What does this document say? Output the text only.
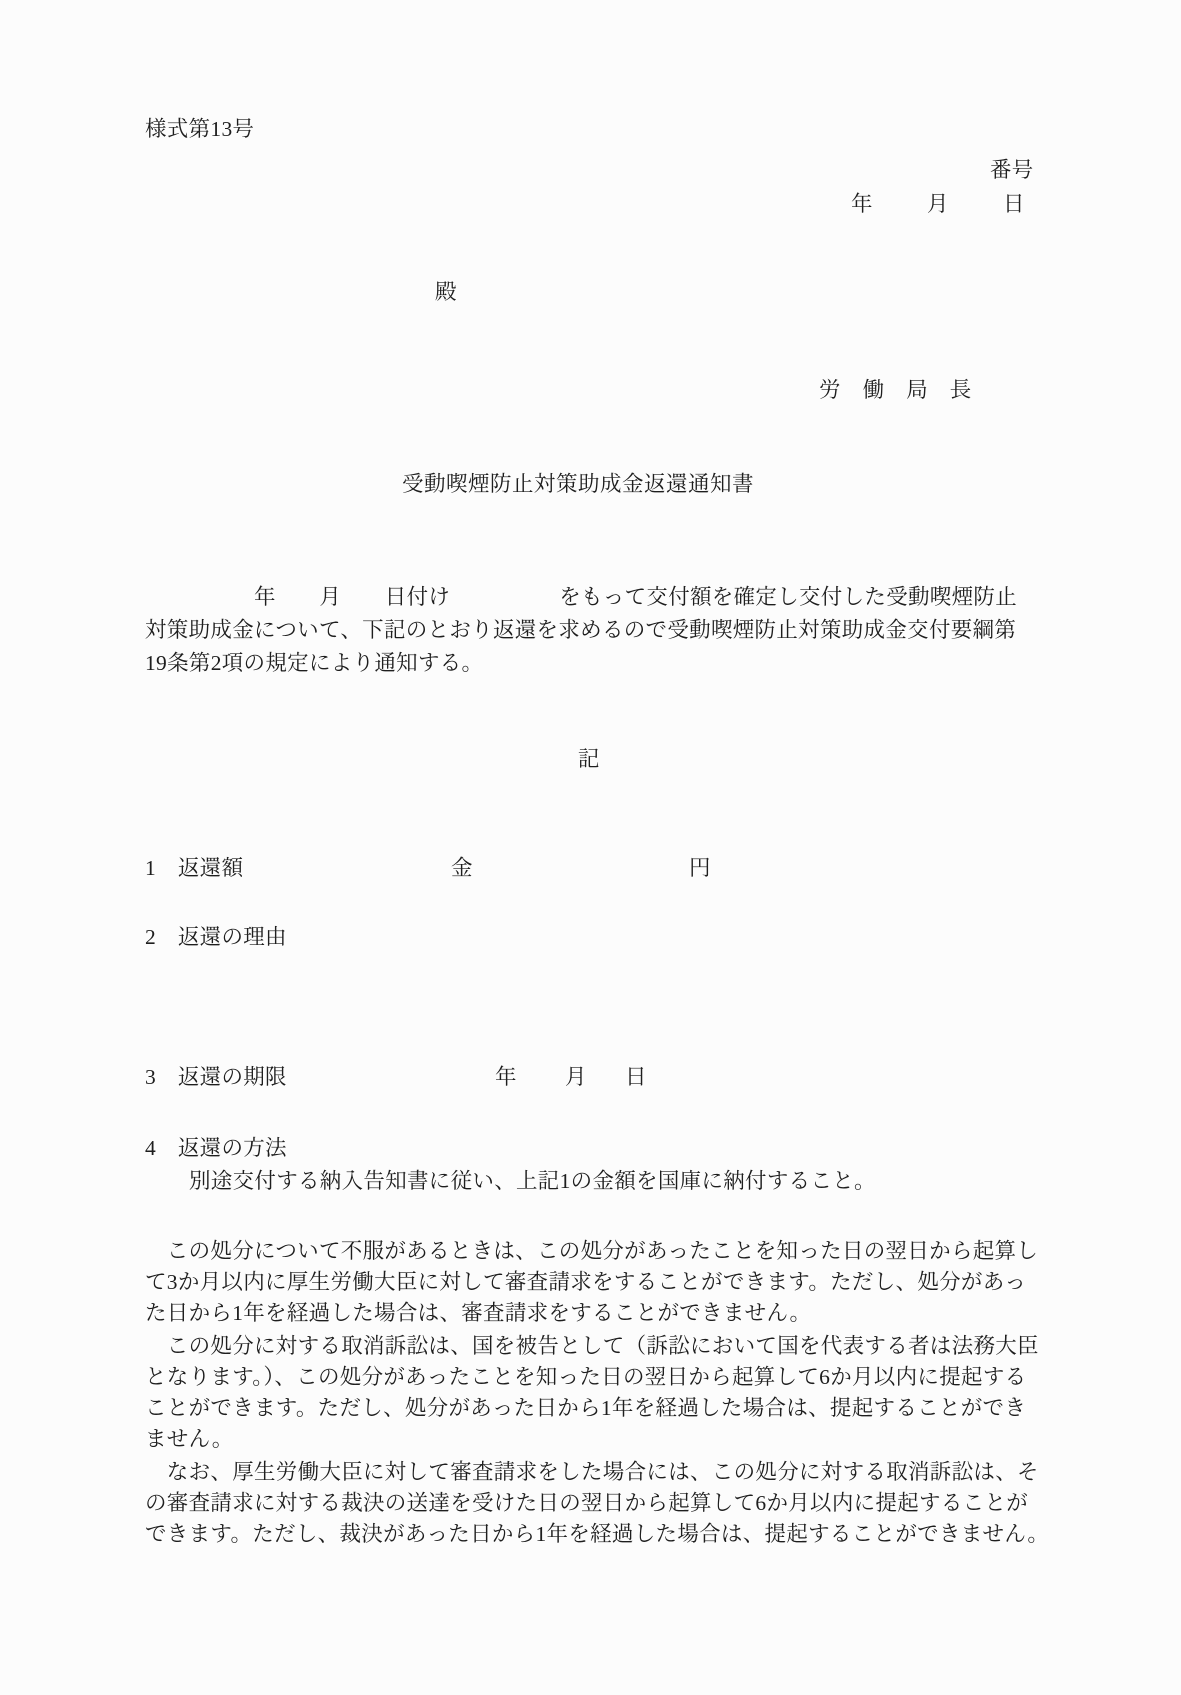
様式第13号
番号
年	月	日
殿
労　働　局　長
受動喫煙防止対策助成金返還通知書
　　　　　年　　月　　日付け　　　　　をもって交付額を確定し交付した受動喫煙防止
対策助成金について、下記のとおり返還を求めるので受動喫煙防止対策助成金交付要綱第
19条第2項の規定により通知する。
記
1　返還額	金	円
2　返還の理由
3　返還の期限	年 月 日
4　返還の方法
別途交付する納入告知書に従い、上記1の金額を国庫に納付すること。
　この処分について不服があるときは、この処分があったことを知った日の翌日から起算し
て3か月以内に厚生労働大臣に対して審査請求をすることができます。ただし、処分があっ
た日から1年を経過した場合は、審査請求をすることができません。
　この処分に対する取消訴訟は、国を被告として（訴訟において国を代表する者は法務大臣
となります。）、この処分があったことを知った日の翌日から起算して6か月以内に提起する
ことができます。ただし、処分があった日から1年を経過した場合は、提起することができ
ません。
　なお、厚生労働大臣に対して審査請求をした場合には、この処分に対する取消訴訟は、そ
の審査請求に対する裁決の送達を受けた日の翌日から起算して6か月以内に提起することが
できます。ただし、裁決があった日から1年を経過した場合は、提起することができません。
